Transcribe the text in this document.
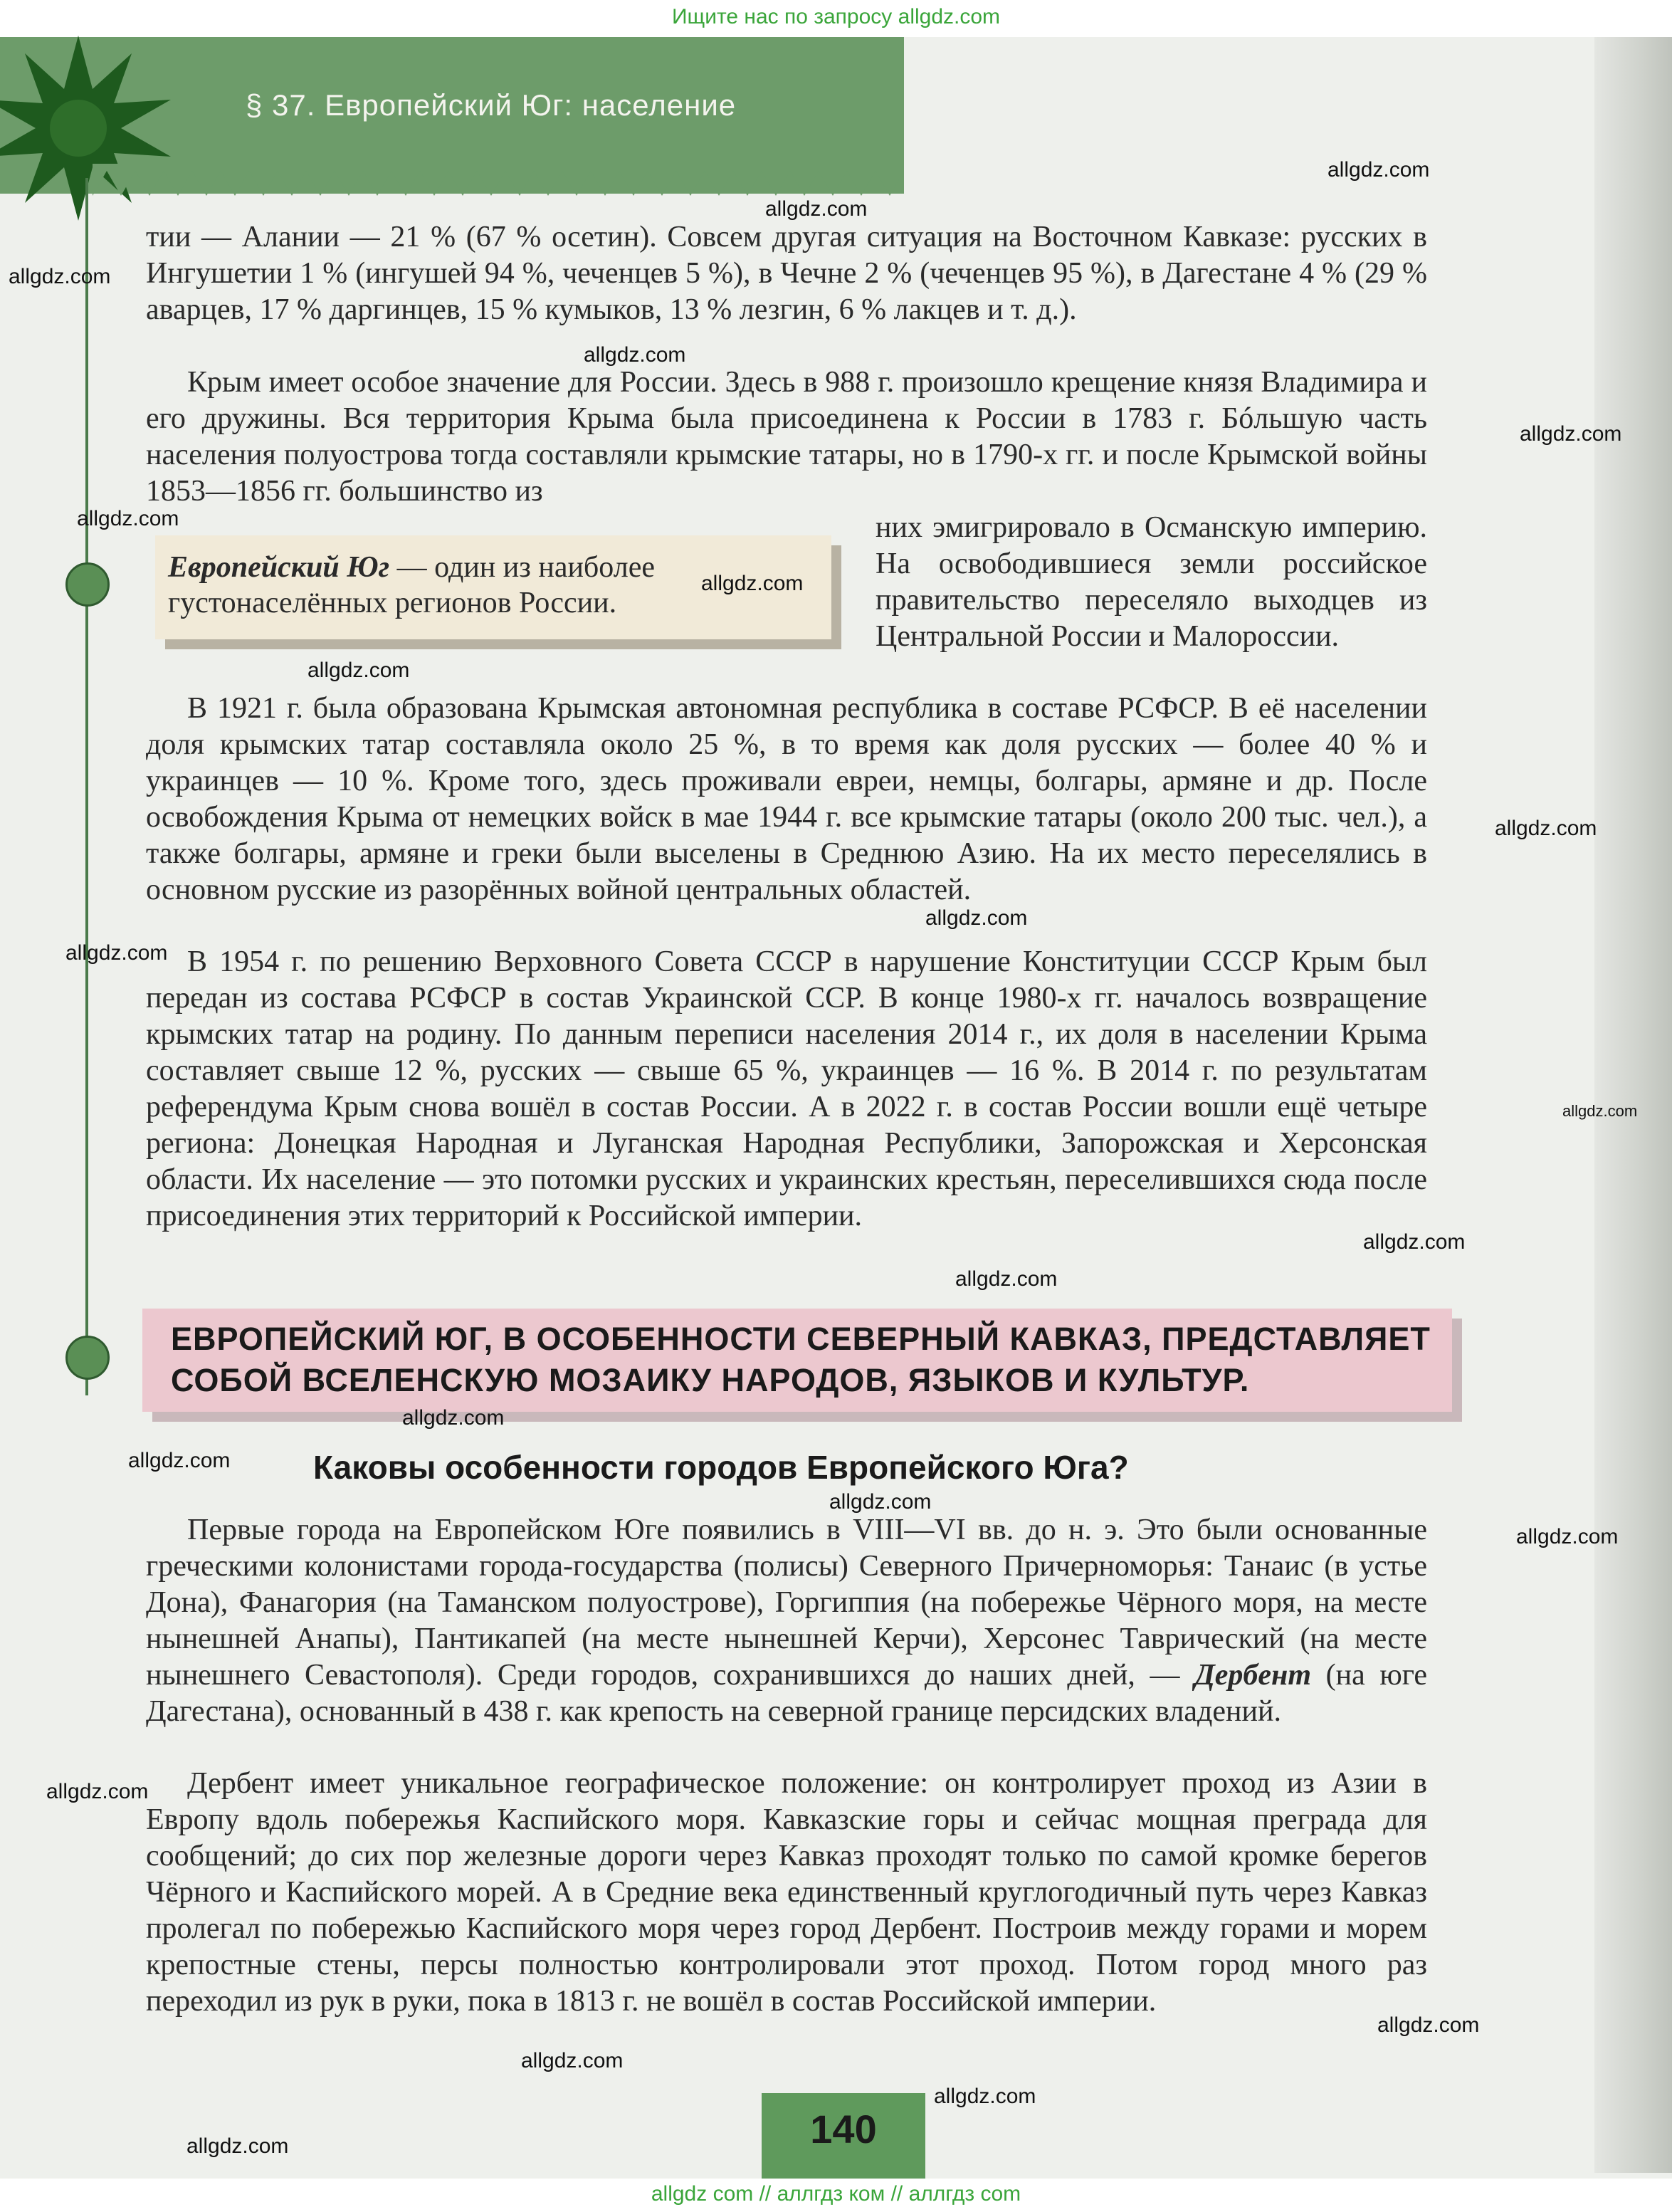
Ищите нас по запросу allgdz.com
§ 37. Европейский Юг: население

тии — Алании — 21 % (67 % осетин). Совсем другая ситуация на Восточном Кавказе: русских в Ингушетии 1 % (ингушей 94 %, чеченцев 5 %), в Чечне 2 % (чеченцев 95 %), в Дагестане 4 % (29 % аварцев, 17 % даргинцев, 15 % кумыков, 13 % лезгин, 6 % лакцев и т. д.).

Крым имеет особое значение для России. Здесь в 988 г. произошло крещение князя Владимира и его дружины. Вся территория Крыма была присоединена к России в 1783 г. Бóльшую часть населения полуострова тогда составляли крымские татары, но в 1790-х гг. и после Крымской войны 1853—1856 гг. большинство из

них эмигрировало в Османскую империю. На освободившиеся земли российское правительство переселяло выходцев из Центральной России и Малороссии.

Европейский Юг — один из наиболее густонаселённых регионов России.

В 1921 г. была образована Крымская автономная республика в составе РСФСР. В её населении доля крымских татар составляла около 25 %, в то время как доля русских — более 40 % и украинцев — 10 %. Кроме того, здесь проживали евреи, немцы, болгары, армяне и др. После освобождения Крыма от немецких войск в мае 1944 г. все крымские татары (около 200 тыс. чел.), а также болгары, армяне и греки были выселены в Среднюю Азию. На их место переселялись в основном русские из разорённых войной центральных областей.

В 1954 г. по решению Верховного Совета СССР в нарушение Конституции СССР Крым был передан из состава РСФСР в состав Украинской ССР. В конце 1980-х гг. началось возвращение крымских татар на родину. По данным переписи населения 2014 г., их доля в населении Крыма составляет свыше 12 %, русских — свыше 65 %, украинцев — 16 %. В 2014 г. по результатам референдума Крым снова вошёл в состав России. А в 2022 г. в состав России вошли ещё четыре региона: Донецкая Народная и Луганская Народная Республики, Запорожская и Херсонская области. Их население — это потомки русских и украинских крестьян, переселившихся сюда после присоединения этих территорий к Российской империи.

ЕВРОПЕЙСКИЙ ЮГ, В ОСОБЕННОСТИ СЕВЕРНЫЙ КАВКАЗ, ПРЕДСТАВЛЯЕТ СОБОЙ ВСЕЛЕНСКУЮ МОЗАИКУ НАРОДОВ, ЯЗЫКОВ И КУЛЬТУР.

Каковы особенности городов Европейского Юга?

Первые города на Европейском Юге появились в VIII—VI вв. до н. э. Это были основанные греческими колонистами города-государства (полисы) Северного Причерноморья: Танаис (в устье Дона), Фанагория (на Таманском полуострове), Горгиппия (на побережье Чёрного моря, на месте нынешней Анапы), Пантикапей (на месте нынешней Керчи), Херсонес Таврический (на месте нынешнего Севастополя). Среди городов, сохранившихся до наших дней, — Дербент (на юге Дагестана), основанный в 438 г. как крепость на северной границе персидских владений.

Дербент имеет уникальное географическое положение: он контролирует проход из Азии в Европу вдоль побережья Каспийского моря. Кавказские горы и сейчас мощная преграда для сообщений; до сих пор железные дороги через Кавказ проходят только по самой кромке берегов Чёрного и Каспийского морей. А в Средние века единственный круглогодичный путь через Кавказ пролегал по побережью Каспийского моря через город Дербент. Построив между горами и морем крепостные стены, персы полностью контролировали этот проход. Потом город много раз переходил из рук в руки, пока в 1813 г. не вошёл в состав Российской империи.

140
allgdz.com
allgdz.com
allgdz.com
allgdz.com
allgdz.com
allgdz.com
allgdz.com
allgdz.com
allgdz.com
allgdz.com
allgdz.com
allgdz.com
allgdz.com
allgdz.com
allgdz.com
allgdz.com
allgdz.com
allgdz.com
allgdz.com
allgdz.com
allgdz.com
allgdz.com
allgdz.com
allgdz com // аллгдз ком // аллгдз com
